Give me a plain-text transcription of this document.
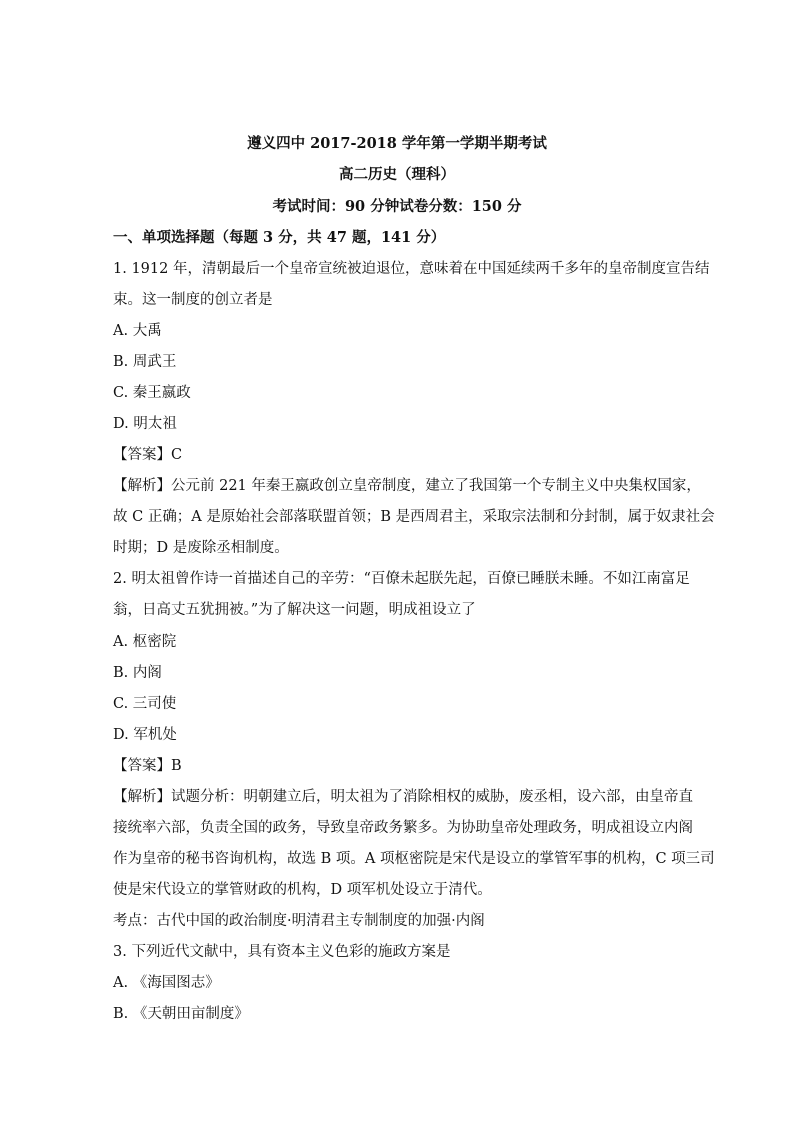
遵义四中 2017-2018 学年第一学期半期考试
高二历史（理科）
考试时间：90 分钟试卷分数：150 分
一、单项选择题（每题 3 分，共 47 题，141 分）
1. 1912 年，清朝最后一个皇帝宣统被迫退位，意味着在中国延续两千多年的皇帝制度宣告结
束。这一制度的创立者是
A. 大禹
B. 周武王
C. 秦王嬴政
D. 明太祖
【答案】C
【解析】公元前 221 年秦王嬴政创立皇帝制度，建立了我国第一个专制主义中央集权国家，
故 C 正确；A 是原始社会部落联盟首领；B 是西周君主，采取宗法制和分封制，属于奴隶社会
时期；D 是废除丞相制度。
2. 明太祖曾作诗一首描述自己的辛劳：“百僚未起朕先起，百僚已睡朕未睡。不如江南富足
翁，日高丈五犹拥被。”为了解决这一问题，明成祖设立了
A. 枢密院
B. 内阁
C. 三司使
D. 军机处
【答案】B
【解析】试题分析：明朝建立后，明太祖为了消除相权的威胁，废丞相，设六部，由皇帝直
接统率六部，负责全国的政务，导致皇帝政务繁多。为协助皇帝处理政务，明成祖设立内阁
作为皇帝的秘书咨询机构，故选 B 项。A 项枢密院是宋代是设立的掌管军事的机构，C 项三司
使是宋代设立的掌管财政的机构，D 项军机处设立于清代。
考点：古代中国的政治制度·明清君主专制制度的加强·内阁
3. 下列近代文献中，具有资本主义色彩的施政方案是
A. 《海国图志》
B. 《天朝田亩制度》
